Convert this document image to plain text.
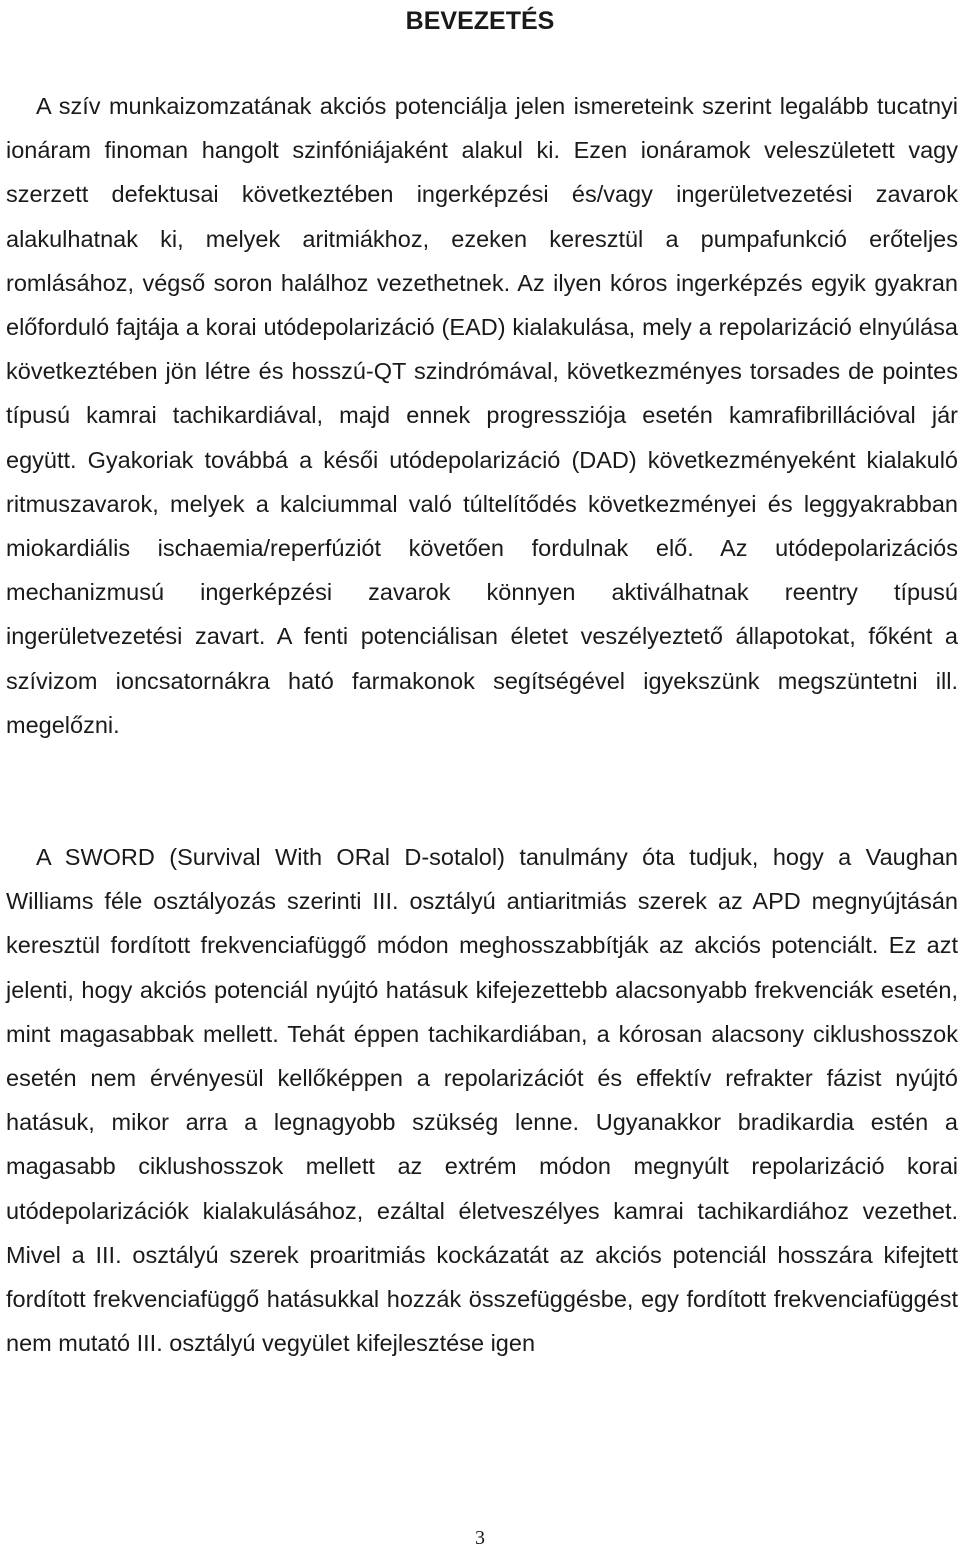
BEVEZETÉS

A szív munkaizomzatának akciós potenciálja jelen ismereteink szerint legalább tucatnyi ionáram finoman hangolt szinfóniájaként alakul ki. Ezen ionáramok veleszületett vagy szerzett defektusai következtében ingerképzési és/vagy ingerületvezetési zavarok alakulhatnak ki, melyek aritmiákhoz, ezeken keresztül a pumpafunkció erőteljes romlásához, végső soron halálhoz vezethetnek. Az ilyen kóros ingerképzés egyik gyakran előforduló fajtája a korai utódepolarizáció (EAD) kialakulása, mely a repolarizáció elnyúlása következtében jön létre és hosszú-QT szindrómával, következményes torsades de pointes típusú kamrai tachikardiával, majd ennek progressziója esetén kamrafibrillációval jár együtt. Gyakoriak továbbá a késői utódepolarizáció (DAD) következményeként kialakuló ritmuszavarok, melyek a kalciummal való túltelítődés következményei és leggyakrabban miokardiális ischaemia/reperfúziót követően fordulnak elő. Az utódepolarizációs mechanizmusú ingerképzési zavarok könnyen aktiválhatnak reentry típusú ingerületvezetési zavart. A fenti potenciálisan életet veszélyeztető állapotokat, főként a szívizom ioncsatornákra ható farmakonok segítségével igyekszünk megszüntetni ill. megelőzni.

A SWORD (Survival With ORal D-sotalol) tanulmány óta tudjuk, hogy a Vaughan Williams féle osztályozás szerinti III. osztályú antiaritmiás szerek az APD megnyújtásán keresztül fordított frekvenciafüggő módon meghosszabbítják az akciós potenciált. Ez azt jelenti, hogy akciós potenciál nyújtó hatásuk kifejezettebb alacsonyabb frekvenciák esetén, mint magasabbak mellett. Tehát éppen tachikardiában, a kórosan alacsony ciklushosszok esetén nem érvényesül kellőképpen a repolarizációt és effektív refrakter fázist nyújtó hatásuk, mikor arra a legnagyobb szükség lenne. Ugyanakkor bradikardia estén a magasabb ciklushosszok mellett az extrém módon megnyúlt repolarizáció korai utódepolarizációk kialakulásához, ezáltal életveszélyes kamrai tachikardiához vezethet. Mivel a III. osztályú szerek proaritmiás kockázatát az akciós potenciál hosszára kifejtett fordított frekvenciafüggő hatásukkal hozzák összefüggésbe, egy fordított frekvenciafüggést nem mutató III. osztályú vegyület kifejlesztése igen

3
